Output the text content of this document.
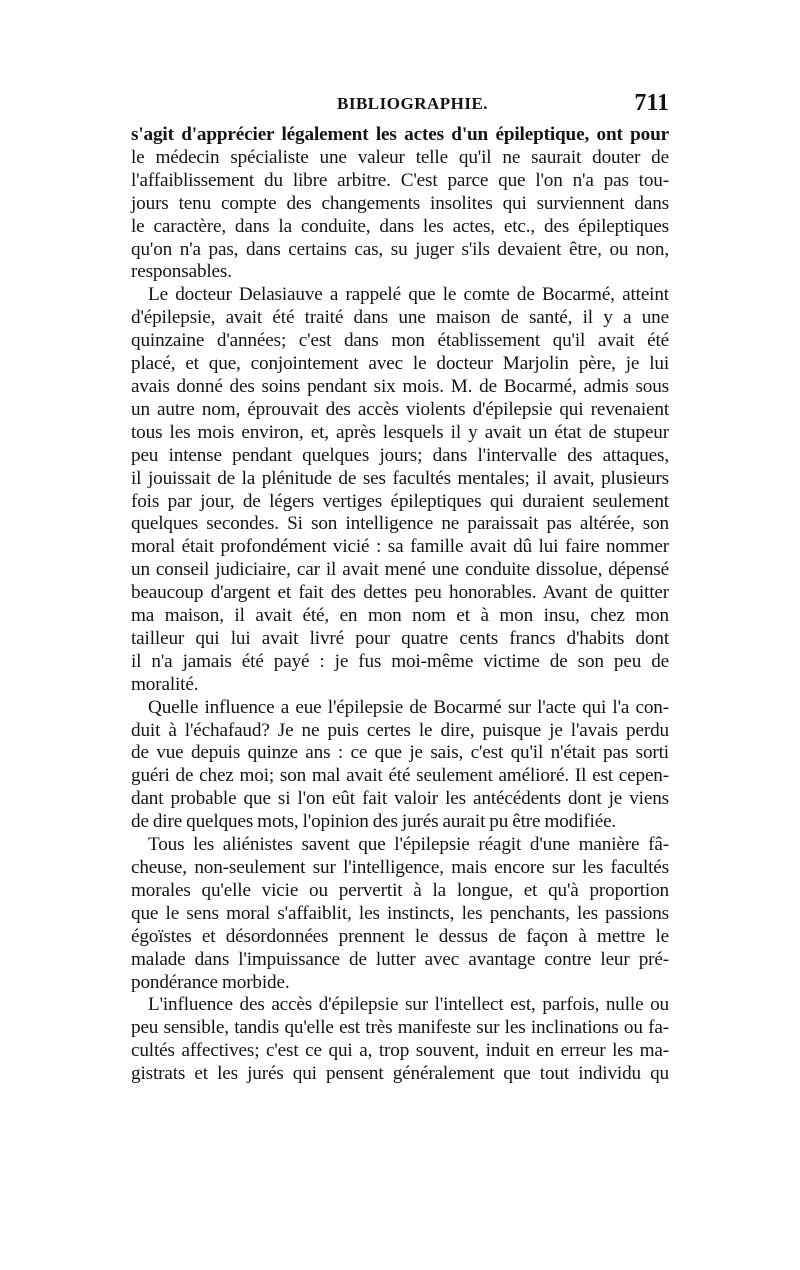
BIBLIOGRAPHIE.	711
s'agit d'apprécier légalement les actes d'un épileptique, ont pour
le médecin spécialiste une valeur telle qu'il ne saurait douter de
l'affaiblissement du libre arbitre. C'est parce que l'on n'a pas tou-
jours tenu compte des changements insolites qui surviennent dans
le caractère, dans la conduite, dans les actes, etc., des épileptiques
qu'on n'a pas, dans certains cas, su juger s'ils devaient être, ou non,
responsables.
Le docteur Delasiauve a rappelé que le comte de Bocarmé, atteint
d'épilepsie, avait été traité dans une maison de santé, il y a une
quinzaine d'années; c'est dans mon établissement qu'il avait été
placé, et que, conjointement avec le docteur Marjolin père, je lui
avais donné des soins pendant six mois. M. de Bocarmé, admis sous
un autre nom, éprouvait des accès violents d'épilepsie qui revenaient
tous les mois environ, et, après lesquels il y avait un état de stupeur
peu intense pendant quelques jours; dans l'intervalle des attaques,
il jouissait de la plénitude de ses facultés mentales; il avait, plusieurs
fois par jour, de légers vertiges épileptiques qui duraient seulement
quelques secondes. Si son intelligence ne paraissait pas altérée, son
moral était profondément vicié : sa famille avait dû lui faire nommer
un conseil judiciaire, car il avait mené une conduite dissolue, dépensé
beaucoup d'argent et fait des dettes peu honorables. Avant de quitter
ma maison, il avait été, en mon nom et à mon insu, chez mon
tailleur qui lui avait livré pour quatre cents francs d'habits dont
il n'a jamais été payé : je fus moi-même victime de son peu de
moralité.
Quelle influence a eue l'épilepsie de Bocarmé sur l'acte qui l'a con-
duit à l'échafaud? Je ne puis certes le dire, puisque je l'avais perdu
de vue depuis quinze ans : ce que je sais, c'est qu'il n'était pas sorti
guéri de chez moi; son mal avait été seulement amélioré. Il est cepen-
dant probable que si l'on eût fait valoir les antécédents dont je viens
de dire quelques mots, l'opinion des jurés aurait pu être modifiée.
Tous les aliénistes savent que l'épilepsie réagit d'une manière fâ-
cheuse, non-seulement sur l'intelligence, mais encore sur les facultés
morales qu'elle vicie ou pervertit à la longue, et qu'à proportion
que le sens moral s'affaiblit, les instincts, les penchants, les passions
égoïstes et désordonnées prennent le dessus de façon à mettre le
malade dans l'impuissance de lutter avec avantage contre leur pré-
pondérance morbide.
L'influence des accès d'épilepsie sur l'intellect est, parfois, nulle ou
peu sensible, tandis qu'elle est très manifeste sur les inclinations ou fa-
cultés affectives; c'est ce qui a, trop souvent, induit en erreur les ma-
gistrats et les jurés qui pensent généralement que tout individu qu
